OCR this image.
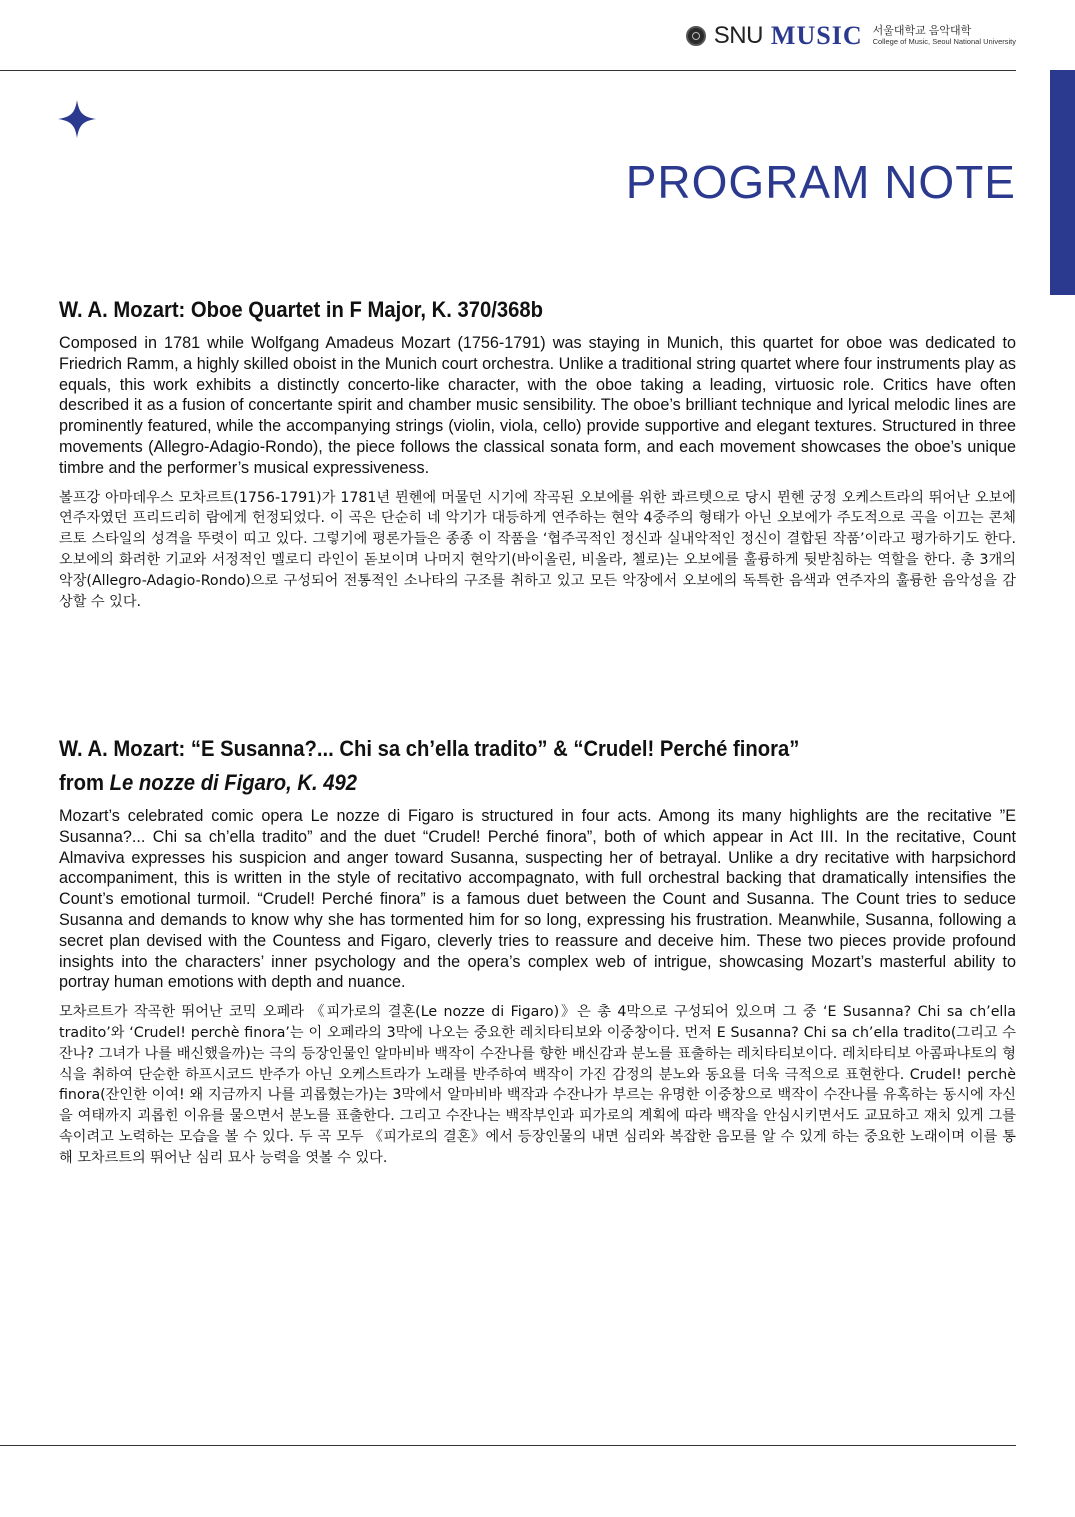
SNU MUSIC 서울대학교 음악대학
College of Music, Seoul National University
PROGRAM NOTE
W. A. Mozart: Oboe Quartet in F Major, K. 370/368b

Composed in 1781 while Wolfgang Amadeus Mozart (1756-1791) was staying in Munich, this quartet for oboe was dedicated to Friedrich Ramm, a highly skilled oboist in the Munich court orchestra. Unlike a traditional string quartet where four instruments play as equals, this work exhibits a distinctly concerto-like character, with the oboe taking a leading, virtuosic role. Critics have often described it as a fusion of concertante spirit and chamber music sensibility. The oboe’s brilliant technique and lyrical melodic lines are prominently featured, while the accompanying strings (violin, viola, cello) provide supportive and elegant textures. Structured in three movements (Allegro-Adagio-Rondo), the piece follows the classical sonata form, and each movement showcases the oboe’s unique timbre and the performer’s musical expressiveness.

볼프강 아마데우스 모차르트(1756-1791)가 1781년 뮌헨에 머물던 시기에 작곡된 오보에를 위한 콰르텟으로 당시 뮌헨 궁정 오케스트라의 뛰어난 오보에 연주자였던 프리드리히 람에게 헌정되었다. 이 곡은 단순히 네 악기가 대등하게 연주하는 현악 4중주의 형태가 아닌 오보에가 주도적으로 곡을 이끄는 콘체르토 스타일의 성격을 뚜렷이 띠고 있다. 그렇기에 평론가들은 종종 이 작품을 ‘협주곡적인 정신과 실내악적인 정신이 결합된 작품’이라고 평가하기도 한다. 오보에의 화려한 기교와 서정적인 멜로디 라인이 돋보이며 나머지 현악기(바이올린, 비올라, 첼로)는 오보에를 훌륭하게 뒷받침하는 역할을 한다. 총 3개의 악장(Allegro-Adagio-Rondo)으로 구성되어 전통적인 소나타의 구조를 취하고 있고 모든 악장에서 오보에의 독특한 음색과 연주자의 훌륭한 음악성을 감상할 수 있다.

W. A. Mozart: “E Susanna?... Chi sa ch’ella tradito” & “Crudel! Perché finora”
from Le nozze di Figaro, K. 492

Mozart’s celebrated comic opera Le nozze di Figaro is structured in four acts. Among its many highlights are the recitative ”E Susanna?... Chi sa ch’ella tradito” and the duet “Crudel! Perché finora”, both of which appear in Act III. In the recitative, Count Almaviva expresses his suspicion and anger toward Susanna, suspecting her of betrayal. Unlike a dry recitative with harpsichord accompaniment, this is written in the style of recitativo accompagnato, with full orchestral backing that dramatically intensifies the Count’s emotional turmoil. “Crudel! Perché finora” is a famous duet between the Count and Susanna. The Count tries to seduce Susanna and demands to know why she has tormented him for so long, expressing his frustration. Meanwhile, Susanna, following a secret plan devised with the Countess and Figaro, cleverly tries to reassure and deceive him. These two pieces provide profound insights into the characters’ inner psychology and the opera’s complex web of intrigue, showcasing Mozart’s masterful ability to portray human emotions with depth and nuance.

모차르트가 작곡한 뛰어난 코믹 오페라 《피가로의 결혼(Le nozze di Figaro)》은 총 4막으로 구성되어 있으며 그 중 ‘E Susanna? Chi sa ch’ella tradito’와 ‘Crudel! perchè finora’는 이 오페라의 3막에 나오는 중요한 레치타티보와 이중창이다. 먼저 E Susanna? Chi sa ch’ella tradito(그리고 수잔나? 그녀가 나를 배신했을까)는 극의 등장인물인 알마비바 백작이 수잔나를 향한 배신감과 분노를 표출하는 레치타티보이다. 레치타티보 아콤파냐토의 형식을 취하여 단순한 하프시코드 반주가 아닌 오케스트라가 노래를 반주하여 백작이 가진 감정의 분노와 동요를 더욱 극적으로 표현한다. Crudel! perchè finora(잔인한 이여! 왜 지금까지 나를 괴롭혔는가)는 3막에서 알마비바 백작과 수잔나가 부르는 유명한 이중창으로 백작이 수잔나를 유혹하는 동시에 자신을 여태까지 괴롭힌 이유를 물으면서 분노를 표출한다. 그리고 수잔나는 백작부인과 피가로의 계획에 따라 백작을 안심시키면서도 교묘하고 재치 있게 그를 속이려고 노력하는 모습을 볼 수 있다. 두 곡 모두 《피가로의 결혼》에서 등장인물의 내면 심리와 복잡한 음모를 알 수 있게 하는 중요한 노래이며 이를 통해 모차르트의 뛰어난 심리 묘사 능력을 엿볼 수 있다.
